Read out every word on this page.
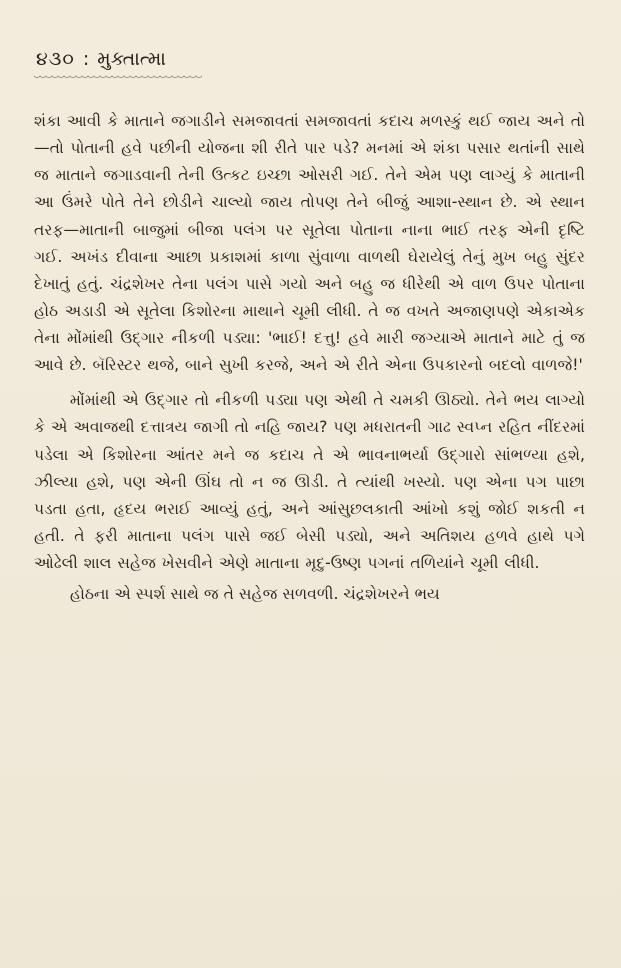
૪૩૦ : મુક્તાત્મા

શંકા આવી કે માતાને જગાડીને સમજાવતાં સમજાવતાં કદાચ મળસ્કું થઈ જાય અને તો—તો પોતાની હવે પછીની યોજના શી રીતે પાર પડે? મનમાં એ શંકા પસાર થતાંની સાથે જ માતાને જગાડવાની તેની ઉત્કટ ઇચ્છા ઓસરી ગઈ. તેને એમ પણ લાગ્યું કે માતાની આ ઉંમરે પોતે તેને છોડીને ચાલ્યો જાય તોપણ તેને બીજું આશા-સ્થાન છે. એ સ્થાન તરફ—માતાની બાજુમાં બીજા પલંગ પર સૂતેલા પોતાના નાના ભાઈ તરફ એની દૃષ્ટિ ગઈ. અખંડ દીવાના આછા પ્રકાશમાં કાળા સુંવાળા વાળથી ઘેરાયેલું તેનું મુખ બહુ સુંદર દેખાતું હતું. ચંદ્રશેખર તેના પલંગ પાસે ગયો અને બહુ જ ધીરેથી એ વાળ ઉપર પોતાના હોઠ અડાડી એ સૂતેલા કિશોરના માથાને ચૂમી લીધી. તે જ વખતે અજાણપણે એકાએક તેના મોંમાંથી ઉદ્ગાર નીકળી પડ્યા: 'ભાઈ! દત્તુ! હવે મારી જગ્યાએ માતાને માટે તું જ આવે છે. બૅરિસ્ટર થજે, બાને સુખી કરજે, અને એ રીતે એના ઉપકારનો બદલો વાળજે!'

મોંમાંથી એ ઉદ્ગાર તો નીકળી પડ્યા પણ એથી તે ચમકી ઊઠ્યો. તેને ભય લાગ્યો કે એ અવાજથી દત્તાત્રય જાગી તો નહિ જાય? પણ મધરાતની ગાઢ સ્વપ્ન રહિત નીંદરમાં પડેલા એ કિશોરના આંતર મને જ કદાચ તે એ ભાવનાભર્યા ઉદ્ગારો સાંભળ્યા હશે, ઝીલ્યા હશે, પણ એની ઊંઘ તો ન જ ઊડી. તે ત્યાંથી ખસ્યો. પણ એના પગ પાછા પડતા હતા, હૃદય ભરાઈ આવ્યું હતું, અને આંસુછલકાતી આંખો કશું જોઈ શકતી ન હતી. તે ફરી માતાના પલંગ પાસે જઈ બેસી પડ્યો, અને અતિશય હળવે હાથે પગે ઓઢેલી શાલ સહેજ ખેસવીને એણે માતાના મૃદુ-ઉષ્ણ પગનાં તળિયાંને ચૂમી લીધી.

હોઠના એ સ્પર્શ સાથે જ તે સહેજ સળવળી. ચંદ્રશેખરને ભય
